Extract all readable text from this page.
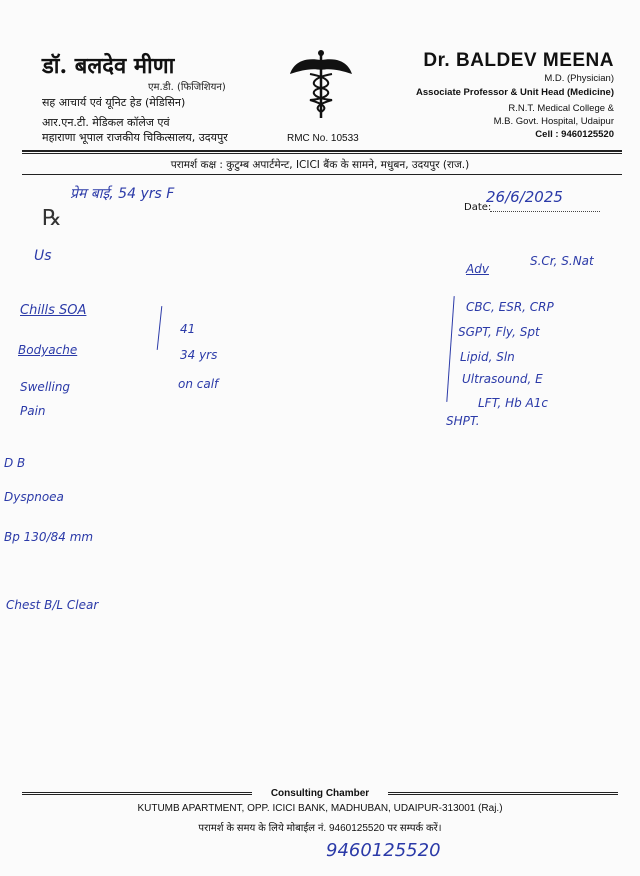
डॉ. बलदेव मीणा
एम.डी. (फिजिशियन)
सह आचार्य एवं यूनिट हेड (मेडिसिन)
आर.एन.टी. मेडिकल कॉलेज एवं
महाराणा भूपाल राजकीय चिकित्सालय, उदयपुर	RMC No. 10533
Dr. BALDEV MEENA
M.D. (Physician)
Associate Professor & Unit Head (Medicine)
R.N.T. Medical College &
M.B. Govt. Hospital, Udaipur
Cell : 9460125520
परामर्श कक्ष : कुटुम्ब अपार्टमेन्ट, ICICI बैंक के सामने, मधुबन, उदयपुर (राज.)
प्रेम बाई, 54 yrs F
Date:
26/6/2025
℞
Us
Chills SOA
Bodyache
Swelling
Pain
D B
Dyspnoea
Bp 130/84 mm
Chest B/L Clear
41
34 yrs
on calf
Adv
S.Cr, S.Nat
CBC, ESR, CRP
SGPT, Fly, Spt
Lipid, Sln
Ultrasound, E
LFT, Hb A1c
SHPT.
Consulting Chamber
KUTUMB APARTMENT, OPP. ICICI BANK, MADHUBAN, UDAIPUR-313001 (Raj.)
परामर्श के समय के लिये मोबाईल नं. 9460125520 पर सम्पर्क करें।
9460125520
